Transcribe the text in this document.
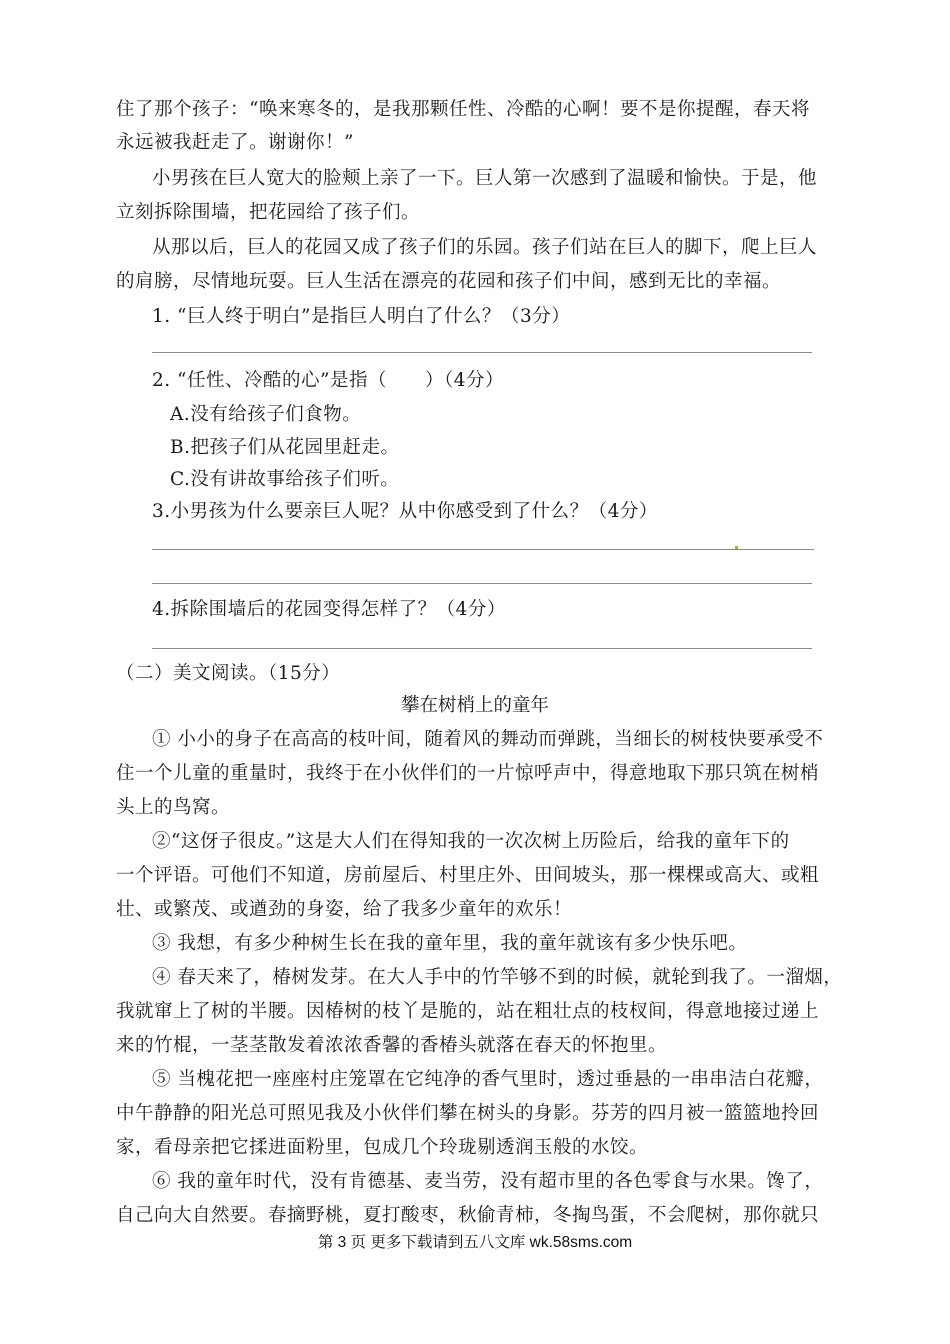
住了那个孩子：“唤来寒冬的，是我那颗任性、冷酷的心啊！要不是你提醒，春天将
永远被我赶走了。谢谢你！”
小男孩在巨人宽大的脸颊上亲了一下。巨人第一次感到了温暖和愉快。于是，他
立刻拆除围墙，把花园给了孩子们。
从那以后，巨人的花园又成了孩子们的乐园。孩子们站在巨人的脚下，爬上巨人
的肩膀，尽情地玩耍。巨人生活在漂亮的花园和孩子们中间，感到无比的幸福。
1. “巨人终于明白”是指巨人明白了什么？（3分）
2. “任性、冷酷的心”是指（　　）（4分）
A.没有给孩子们食物。
B.把孩子们从花园里赶走。
C.没有讲故事给孩子们听。
3.小男孩为什么要亲巨人呢？从中你感受到了什么？（4分）
4.拆除围墙后的花园变得怎样了？（4分）
（二）美文阅读。（15分）
攀在树梢上的童年
① 小小的身子在高高的枝叶间，随着风的舞动而弹跳，当细长的树枝快要承受不
住一个儿童的重量时，我终于在小伙伴们的一片惊呼声中，得意地取下那只筑在树梢
头上的鸟窝。
②“这伢子很皮。”这是大人们在得知我的一次次树上历险后，给我的童年下的
一个评语。可他们不知道，房前屋后、村里庄外、田间坡头，那一棵棵或高大、或粗
壮、或繁茂、或遒劲的身姿，给了我多少童年的欢乐！
③ 我想，有多少种树生长在我的童年里，我的童年就该有多少快乐吧。
④ 春天来了，椿树发芽。在大人手中的竹竿够不到的时候，就轮到我了。一溜烟，
我就窜上了树的半腰。因椿树的枝丫是脆的，站在粗壮点的枝杈间，得意地接过递上
来的竹棍，一茎茎散发着浓浓香馨的香椿头就落在春天的怀抱里。
⑤ 当槐花把一座座村庄笼罩在它纯净的香气里时，透过垂悬的一串串洁白花瓣，
中午静静的阳光总可照见我及小伙伴们攀在树头的身影。芬芳的四月被一篮篮地拎回
家，看母亲把它揉进面粉里，包成几个玲珑剔透润玉般的水饺。
⑥ 我的童年时代，没有肯德基、麦当劳，没有超市里的各色零食与水果。馋了，
自己向大自然要。春摘野桃，夏打酸枣，秋偷青柿，冬掏鸟蛋，不会爬树，那你就只
第 3 页 更多下载请到五八文库 wk.58sms.com
